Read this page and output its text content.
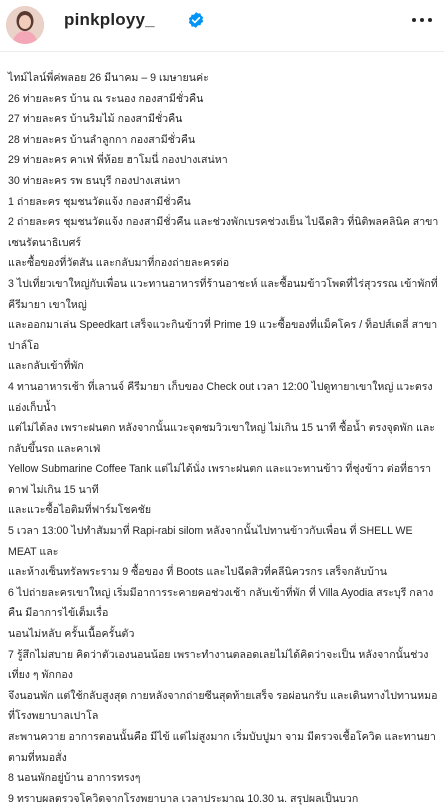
pinkployy_

ไทม์ไลน์พี่ค่พลอย 26 มีนาคม – 9 เมษายนค่ะ

26 ท่ายละคร บ้าน ณ ระนอง กองสามีชั่วคืน

27 ท่ายละคร บ้านริมไม้ กองสามีชั่วคืน

28 ท่ายละคร บ้านลำลูกกา กองสามีชั่วคืน

29 ท่ายละคร คาเฟ่ พี่ห้อย ฮาโมนี่ กองปางเสน่หา

30 ท่ายละคร รพ ธนบุรี กองปางเสน่หา

1 ถ่ายละคร ชุมชนวัดแจ้ง กองสามีชั่วคืน

2 ถ่ายละคร ชุมชนวัดแจ้ง กองสามีชั่วคืน และช่วงพักเบรคช่วงเย็น ไปฉีดสิว ที่นิติพลคลินิค สาขาเซนรัตนาธิเบศร์

และซื้อของที่วัตสัน และกลับมาที่กองถ่ายละครต่อ

3 ไปเที่ยวเขาใหญ่กับเพื่อน แวะทานอาหารที่ร้านอาชะห์ และซื้อนมข้าวโพดที่ไร่สุวรรณ เข้าพักที่ คีรีมายา เขาใหญ่

และออกมาเล่น Speedkart เสร็จแวะกินข้าวที่ Prime 19 แวะซื้อของที่แม็คโคร / ท็อปส์เดลี่ สาขา ปาล์โอ

และกลับเข้าที่พัก

4 ทานอาหารเช้า ที่เลานจ์ คีรีมายา เก็บของ Check out เวลา 12:00 ไปดูทายาเขาใหญ่ แวะตรงแอ่งเก็บน้ำ

แต่ไม่ได้ลง เพราะฝนตก หลังจากนั้นแวะจุดชมวิวเขาใหญ่ ไม่เกิน 15 นาที ซื้อน้ำ ตรงจุดพัก และกลับขึ้นรถ และคาเฟ่

Yellow Submarine Coffee Tank แต่ไม่ได้นั่ง เพราะฝนตก และแวะทานข้าว ที่ชุ่งข้าว ต่อที่ธาราดาฟ ไม่เกิน 15 นาที

และแวะซื้อไอติมที่ฟาร์มโชคชัย

5 เวลา 13:00 ไปทำสัมมาที่ Rapi-rabi silom หลังจากนั้นไปทานข้าวกับเพื่อน ที่ SHELL WE MEAT และ

และห้างเซ็นทรัลพระราม 9 ซื้อของ ที่ Boots และไปฉีดสิวที่คลีนิควรกร เสร็จกลับบ้าน

6 ไปถ่ายละครเขาใหญ่ เริ่มมีอาการระคายคอช่วงเช้า กลับเข้าที่พัก ที่ Villa Ayodia สระบุรี กลางคืน มีอาการไข้เต็มเรื่อ

นอนไม่หลับ ครั้นเนื้อครั้นตัว

7 รู้สึกไม่สบาย คิดว่าตัวเองนอนน้อย เพราะทำงานตลอดเลยไม่ได้คิดว่าจะเป็น หลังจากนั้นช่วงเที่ยง ๆ พักกอง

จึงนอนพัก แต่ใช้กลับสูงสุด กายหลังจากถ่ายซีนสุดท้ายเสร็จ รอผ่อนกรับ และเดินทางไปทานหมอ ที่โรงพยาบาลเปาโล

สะพานควาย อาการตอนนั้นคือ มีไข้ แต่ไม่สูงมาก เริ่มบับปูมา จาม มีตรวจเชื้อโควิด และทานยาตามที่หมอสั่ง

8 นอนพักอยู่บ้าน อาการทรงๆ

9 ทราบผลตรวจโควิดจากโรงพยาบาล เวลาประมาณ 10.30 น. สรุปผลเป็นบวก
